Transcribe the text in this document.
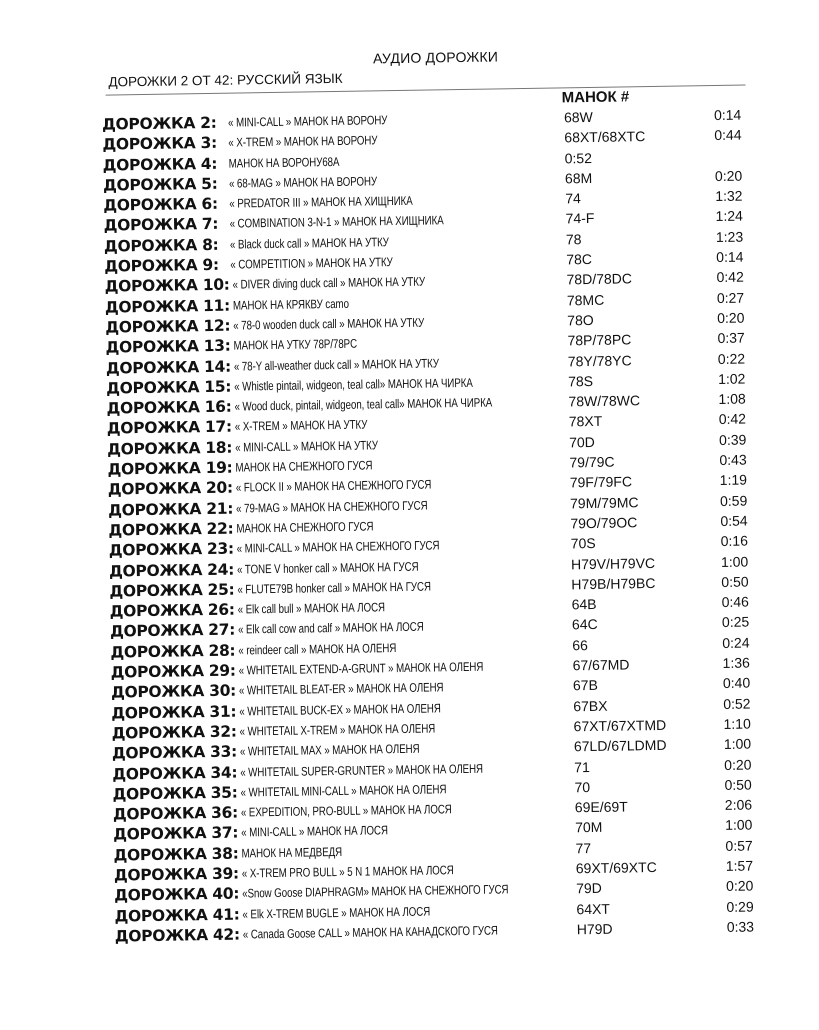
АУДИО ДОРОЖКИ
ДОРОЖКИ 2 ОТ 42: РУССКИЙ ЯЗЫК
МАНОК #
ДОРОЖКА 2: « MINI-CALL » МАНОК НА ВОРОНУ	68W	0:14
ДОРОЖКА 3: « X-TREM » МАНОК НА ВОРОНУ	68XT/68XTC	0:44
ДОРОЖКА 4: МАНОК НА ВОРОНУ68A	0:52
ДОРОЖКА 5: « 68-MAG » МАНОК НА ВОРОНУ	68M	0:20
ДОРОЖКА 6: « PREDATOR III » МАНОК НА ХИЩНИКА	74	1:32
ДОРОЖКА 7: « COMBINATION 3-N-1 » МАНОК НА ХИЩНИКА	74-F	1:24
ДОРОЖКА 8: « Black duck call » МАНОК НА УТКУ	78	1:23
ДОРОЖКА 9: « COMPETITION » МАНОК НА УТКУ	78C	0:14
ДОРОЖКА 10: « DIVER diving duck call » МАНОК НА УТКУ	78D/78DC	0:42
ДОРОЖКА 11: МАНОК НА КРЯКВУ camo	78MC	0:27
ДОРОЖКА 12: « 78-0 wooden duck call » МАНОК НА УТКУ	78O	0:20
ДОРОЖКА 13: МАНОК НА УТКУ 78P/78PC	78P/78PC	0:37
ДОРОЖКА 14: « 78-Y all-weather duck call » МАНОК НА УТКУ	78Y/78YC	0:22
ДОРОЖКА 15: « Whistle pintail, widgeon, teal call» МАНОК НА ЧИРКА	78S	1:02
ДОРОЖКА 16: « Wood duck, pintail, widgeon, teal call» МАНОК НА ЧИРКА	78W/78WC	1:08
ДОРОЖКА 17: « X-TREM » МАНОК НА УТКУ	78XT	0:42
ДОРОЖКА 18: « MINI-CALL » МАНОК НА УТКУ	70D	0:39
ДОРОЖКА 19: МАНОК НА СНЕЖНОГО ГУСЯ	79/79C	0:43
ДОРОЖКА 20: « FLOCK II » МАНОК НА СНЕЖНОГО ГУСЯ	79F/79FC	1:19
ДОРОЖКА 21: « 79-MAG » МАНОК НА СНЕЖНОГО ГУСЯ	79M/79MC	0:59
ДОРОЖКА 22: МАНОК НА СНЕЖНОГО ГУСЯ	79O/79OC	0:54
ДОРОЖКА 23: « MINI-CALL » МАНОК НА СНЕЖНОГО ГУСЯ	70S	0:16
ДОРОЖКА 24: « TONE V honker call » МАНОК НА ГУСЯ	H79V/H79VC	1:00
ДОРОЖКА 25: « FLUTE79B honker call » МАНОК НА ГУСЯ	H79B/H79BC	0:50
ДОРОЖКА 26: « Elk call bull » МАНОК НА ЛОСЯ	64B	0:46
ДОРОЖКА 27: « Elk call cow and calf » МАНОК НА ЛОСЯ	64C	0:25
ДОРОЖКА 28: « reindeer call » МАНОК НА ОЛЕНЯ	66	0:24
ДОРОЖКА 29: « WHITETAIL EXTEND-A-GRUNT » МАНОК НА ОЛЕНЯ	67/67MD	1:36
ДОРОЖКА 30: « WHITETAIL BLEAT-ER » МАНОК НА ОЛЕНЯ	67B	0:40
ДОРОЖКА 31: « WHITETAIL BUCK-EX » МАНОК НА ОЛЕНЯ	67BX	0:52
ДОРОЖКА 32: « WHITETAIL X-TREM » МАНОК НА ОЛЕНЯ	67XT/67XTMD	1:10
ДОРОЖКА 33: « WHITETAIL MAX » МАНОК НА ОЛЕНЯ	67LD/67LDMD	1:00
ДОРОЖКА 34: « WHITETAIL SUPER-GRUNTER » МАНОК НА ОЛЕНЯ	71	0:20
ДОРОЖКА 35: « WHITETAIL MINI-CALL » МАНОК НА ОЛЕНЯ	70	0:50
ДОРОЖКА 36: « EXPEDITION, PRO-BULL » МАНОК НА ЛОСЯ	69E/69T	2:06
ДОРОЖКА 37: « MINI-CALL » МАНОК НА ЛОСЯ	70M	1:00
ДОРОЖКА 38: МАНОК НА МЕДВЕДЯ	77	0:57
ДОРОЖКА 39: « X-TREM PRO BULL » 5 N 1 МАНОК НА ЛОСЯ	69XT/69XTC	1:57
ДОРОЖКА 40: «Snow Goose DIAPHRAGM» МАНОК НА СНЕЖНОГО ГУСЯ	79D	0:20
ДОРОЖКА 41: « Elk X-TREM BUGLE » МАНОК НА ЛОСЯ	64XT	0:29
ДОРОЖКА 42: « Canada Goose CALL » МАНОК НА КАНАДСКОГО ГУСЯ	H79D	0:33
